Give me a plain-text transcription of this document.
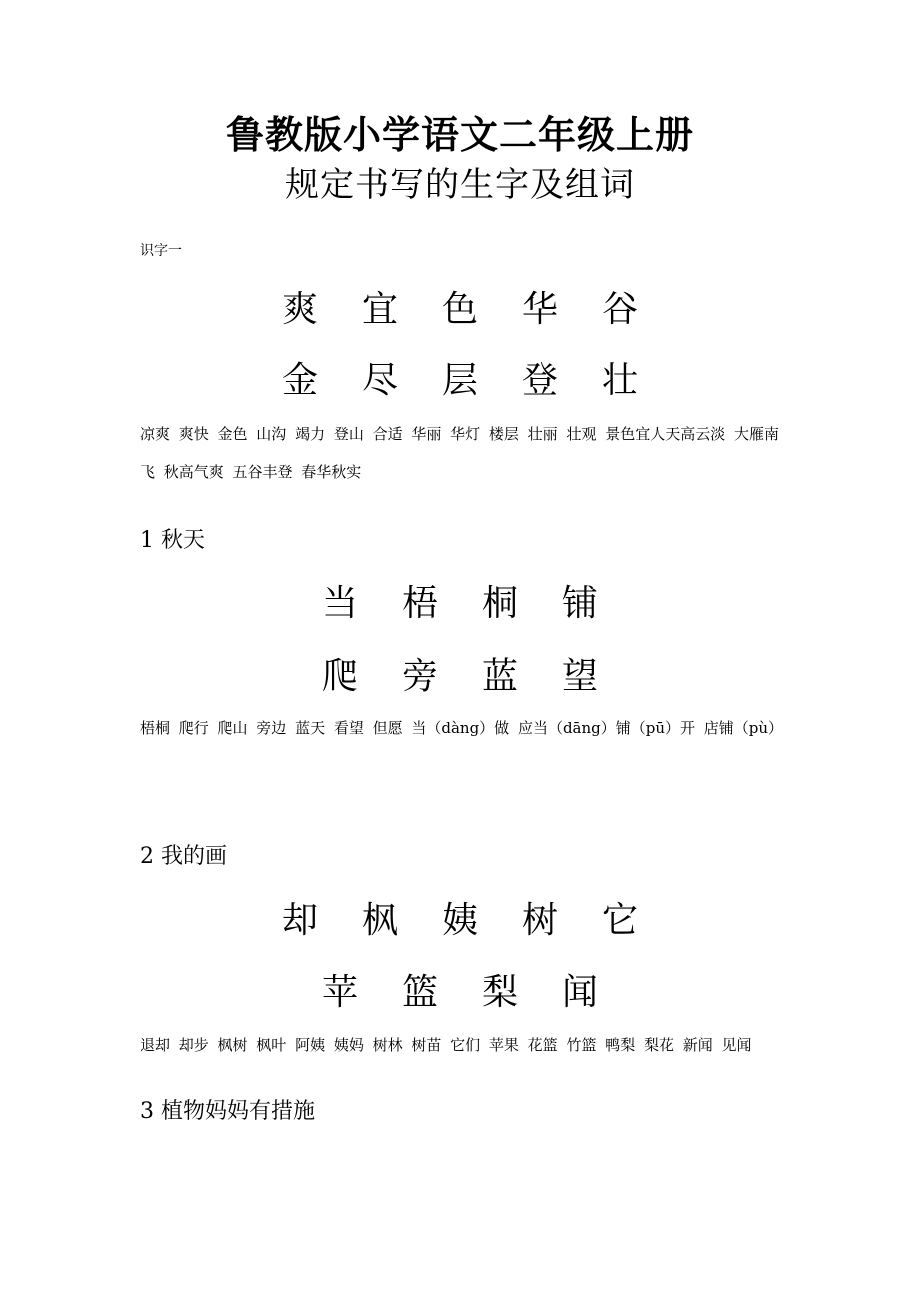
鲁教版小学语文二年级上册
规定书写的生字及组词
识字一
爽 宜 色 华 谷
金 尽 层 登 壮
凉爽 爽快 金色 山沟 竭力 登山 合适 华丽 华灯 楼层 壮丽 壮观 景色宜人天高云淡 大雁南飞 秋高气爽 五谷丰登 春华秋实
1 秋天
当 梧 桐 铺
爬 旁 蓝 望
梧桐 爬行 爬山 旁边 蓝天 看望 但愿 当（dàng）做 应当（dāng）铺（pū）开 店铺（pù）
2 我的画
却 枫 姨 树 它
苹 篮 梨 闻
退却 却步 枫树 枫叶 阿姨 姨妈 树林 树苗 它们 苹果 花篮 竹篮 鸭梨 梨花 新闻 见闻
3 植物妈妈有措施
